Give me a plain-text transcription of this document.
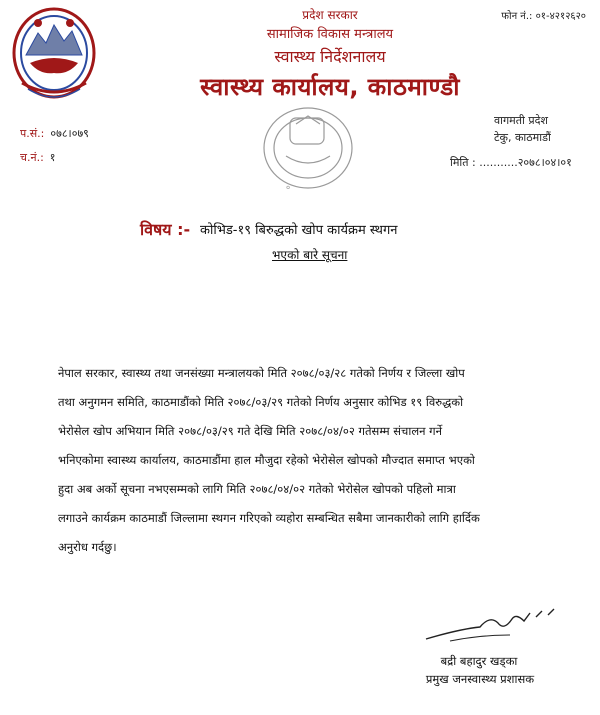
प्रदेश सरकार
सामाजिक विकास मन्त्रालय
स्वास्थ्य निर्देशनालय
स्वास्थ्य कार्यालय, काठमाण्डौ
फोन नं.: ०१-४२१२६२०
वागमती प्रदेश
टेकु, काठमाडौं
प.सं.: ०७८।०७९
च.नं.: १
०
मिति : ...........२०७८।०४।०१
विषय :- कोभिड-१९ बिरुद्धको खोप कार्यक्रम स्थगन
भएको बारे सूचना
नेपाल सरकार, स्वास्थ्य तथा जनसंख्या मन्त्रालयको मिति २०७८/०३/२८ गतेको निर्णय र जिल्ला खोप
तथा अनुगमन समिति, काठमाडौंको मिति २०७८/०३/२९ गतेको निर्णय अनुसार कोभिड १९ विरुद्धको
भेरोसेल खोप अभियान मिति २०७८/०३/२९ गते देखि मिति २०७८/०४/०२ गतेसम्म संचालन गर्ने
भनिएकोमा स्वास्थ्य कार्यालय, काठमाडौंमा हाल मौजुदा रहेको भेरोसेल खोपको मौज्दात समाप्त भएको
हुदा अब अर्को सूचना नभएसम्मको लागि मिति २०७८/०४/०२ गतेको भेरोसेल खोपको पहिलो मात्रा
लगाउने कार्यक्रम काठमाडौं जिल्लामा स्थगन गरिएको व्यहोरा सम्बन्धित सबैमा जानकारीको लागि हार्दिक
अनुरोध गर्दछु।
बद्री बहादुर खड्का
प्रमुख जनस्वास्थ्य प्रशासक
